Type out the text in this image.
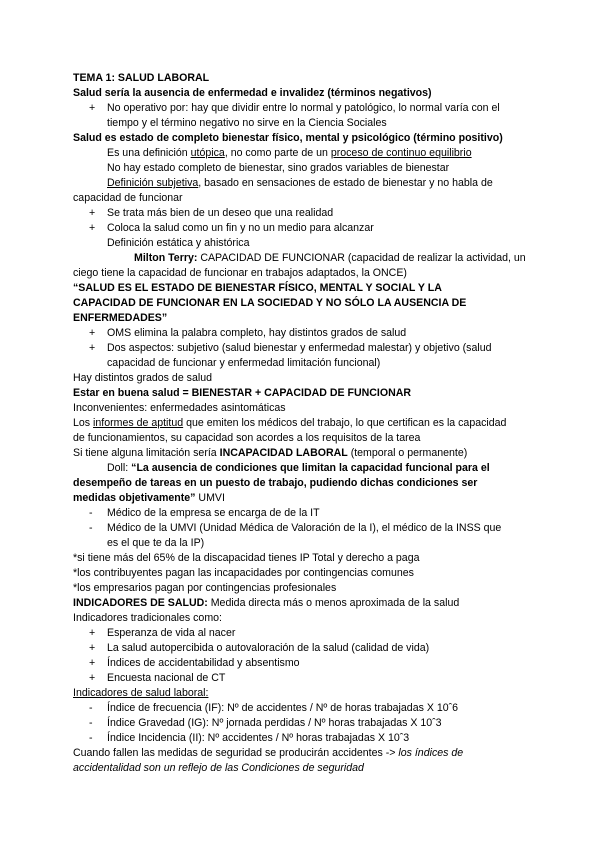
TEMA 1: SALUD LABORAL
Salud sería la ausencia de enfermedad e invalidez (términos negativos)
+ No operativo por: hay que dividir entre lo normal y patológico, lo normal varía con el
tiempo y el término negativo no sirve en la Ciencia Sociales
Salud es estado de completo bienestar físico, mental y psicológico (término positivo)
Es una definición utópica, no como parte de un proceso de continuo equilibrio
No hay estado completo de bienestar, sino grados variables de bienestar
Definición subjetiva, basado en sensaciones de estado de bienestar y no habla de
capacidad de funcionar
+ Se trata más bien de un deseo que una realidad
+ Coloca la salud como un fin y no un medio para alcanzar
Definición estática y ahistórica
Milton Terry: CAPACIDAD DE FUNCIONAR (capacidad de realizar la actividad, un
ciego tiene la capacidad de funcionar en trabajos adaptados, la ONCE)
“SALUD ES EL ESTADO DE BIENESTAR FÍSICO, MENTAL Y SOCIAL Y LA
CAPACIDAD DE FUNCIONAR EN LA SOCIEDAD Y NO SÓLO LA AUSENCIA DE
ENFERMEDADES”
+ OMS elimina la palabra completo, hay distintos grados de salud
+ Dos aspectos: subjetivo (salud bienestar y enfermedad malestar) y objetivo (salud
capacidad de funcionar y enfermedad limitación funcional)
Hay distintos grados de salud
Estar en buena salud = BIENESTAR + CAPACIDAD DE FUNCIONAR
Inconvenientes: enfermedades asintomáticas
Los informes de aptitud que emiten los médicos del trabajo, lo que certifican es la capacidad
de funcionamientos, su capacidad son acordes a los requisitos de la tarea
Si tiene alguna limitación sería INCAPACIDAD LABORAL (temporal o permanente)
Doll: “La ausencia de condiciones que limitan la capacidad funcional para el
desempeño de tareas en un puesto de trabajo, pudiendo dichas condiciones ser
medidas objetivamente” UMVI
- Médico de la empresa se encarga de de la IT
- Médico de la UMVI (Unidad Médica de Valoración de la I), el médico de la INSS que
es el que te da la IP)
*si tiene más del 65% de la discapacidad tienes IP Total y derecho a paga
*los contribuyentes pagan las incapacidades por contingencias comunes
*los empresarios pagan por contingencias profesionales
INDICADORES DE SALUD: Medida directa más o menos aproximada de la salud
Indicadores tradicionales como:
+ Esperanza de vida al nacer
+ La salud autopercibida o autovaloración de la salud (calidad de vida)
+ Índices de accidentabilidad y absentismo
+ Encuesta nacional de CT
Indicadores de salud laboral:
- Índice de frecuencia (IF): Nº de accidentes / Nº de horas trabajadas X 10ˆ6
- Índice Gravedad (IG): Nº jornada perdidas / Nº horas trabajadas X 10ˆ3
- Índice Incidencia (II): Nº accidentes / Nº horas trabajadas X 10ˆ3
Cuando fallen las medidas de seguridad se producirán accidentes -> los índices de
accidentalidad son un reflejo de las Condiciones de seguridad
